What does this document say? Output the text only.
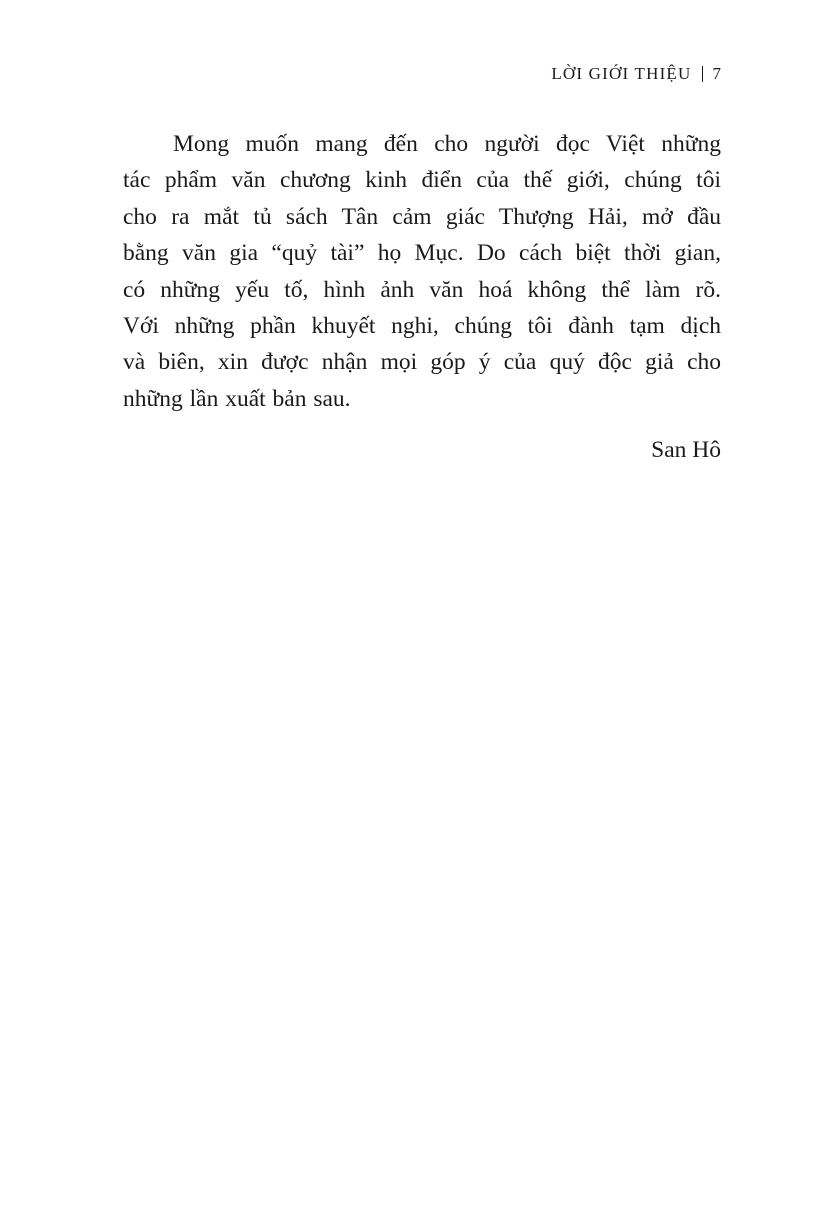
LỜI GIỚI THIỆU 7
Mong muốn mang đến cho người đọc Việt những
tác phẩm văn chương kinh điển của thế giới, chúng tôi
cho ra mắt tủ sách Tân cảm giác Thượng Hải, mở đầu
bằng văn gia “quỷ tài” họ Mục. Do cách biệt thời gian,
có những yếu tố, hình ảnh văn hoá không thể làm rõ.
Với những phần khuyết nghi, chúng tôi đành tạm dịch
và biên, xin được nhận mọi góp ý của quý độc giả cho
những lần xuất bản sau.
San Hô
